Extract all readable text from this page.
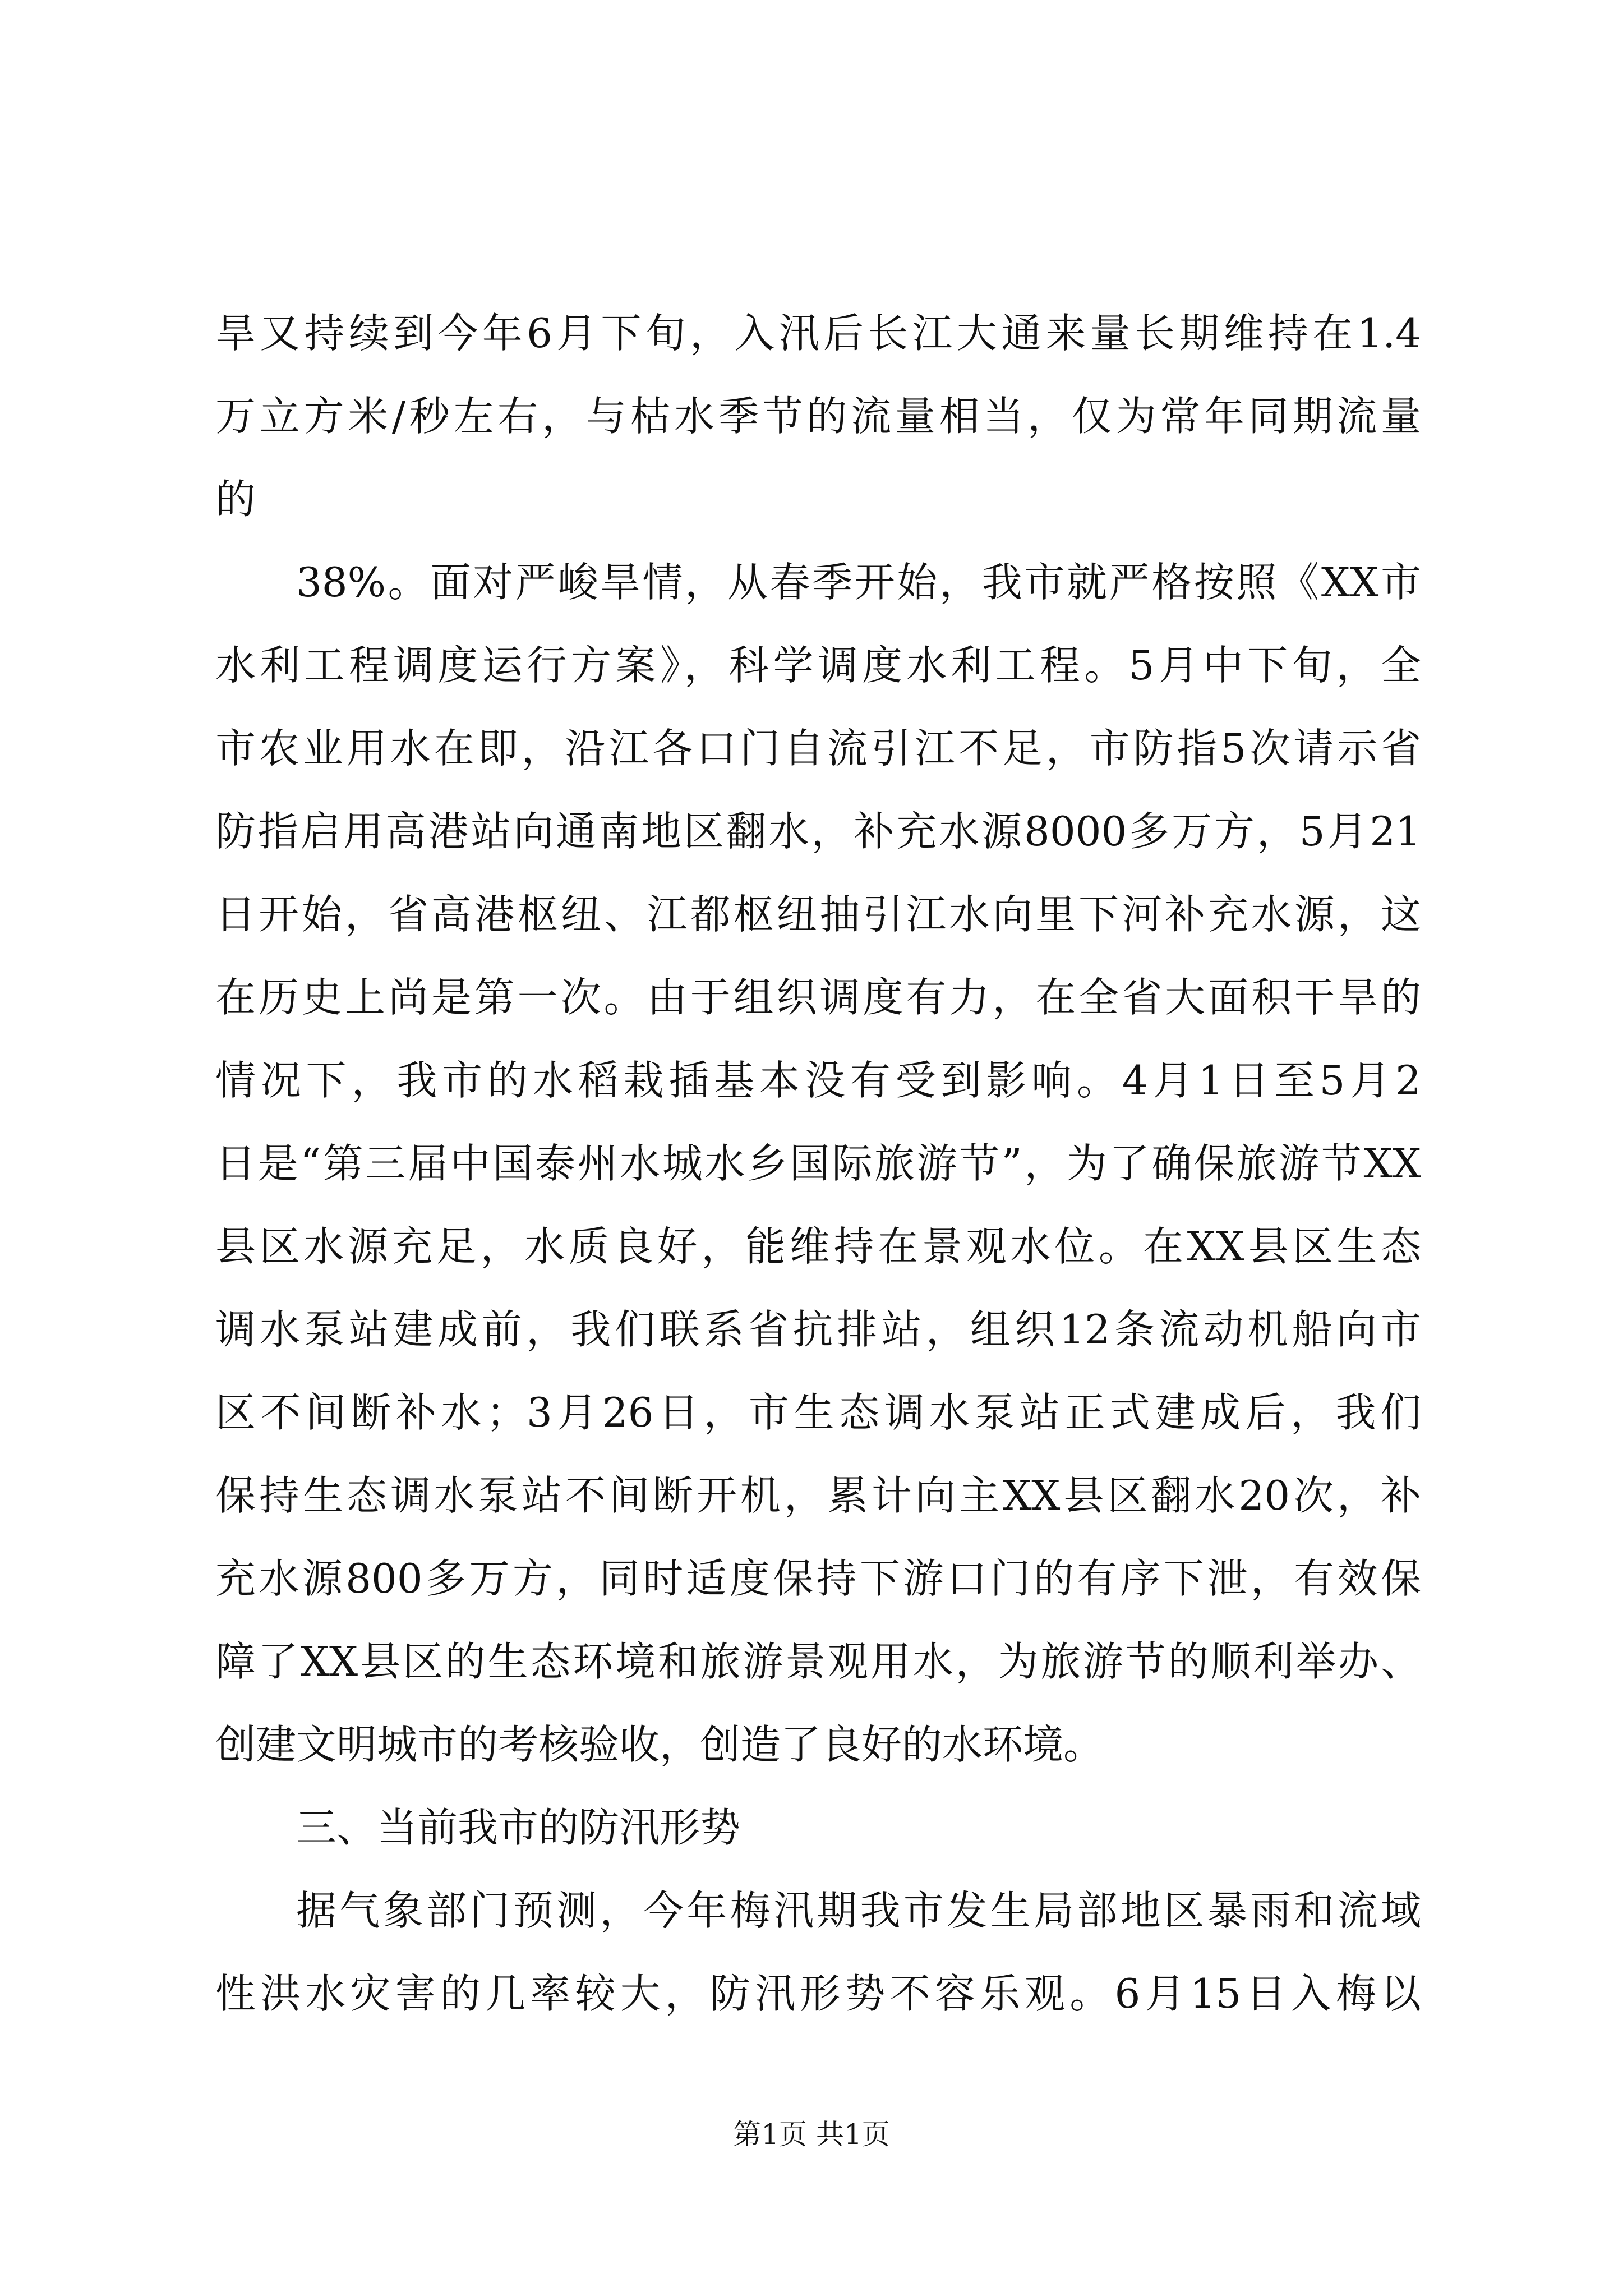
旱又持续到今年6月下旬，入汛后长江大通来量长期维持在1.4
万立方米/秒左右，与枯水季节的流量相当，仅为常年同期流量
的
38%。面对严峻旱情，从春季开始，我市就严格按照《XX市
水利工程调度运行方案》，科学调度水利工程。5月中下旬，全
市农业用水在即，沿江各口门自流引江不足，市防指5次请示省
防指启用高港站向通南地区翻水，补充水源8000多万方，5月21
日开始，省高港枢纽、江都枢纽抽引江水向里下河补充水源，这
在历史上尚是第一次。由于组织调度有力，在全省大面积干旱的
情况下，我市的水稻栽插基本没有受到影响。4月1日至5月2
日是“第三届中国泰州水城水乡国际旅游节”，为了确保旅游节XX
县区水源充足，水质良好，能维持在景观水位。在XX县区生态
调水泵站建成前，我们联系省抗排站，组织12条流动机船向市
区不间断补水；3月26日，市生态调水泵站正式建成后，我们
保持生态调水泵站不间断开机，累计向主XX县区翻水20次，补
充水源800多万方，同时适度保持下游口门的有序下泄，有效保
障了XX县区的生态环境和旅游景观用水，为旅游节的顺利举办、
创建文明城市的考核验收，创造了良好的水环境。
三、当前我市的防汛形势
据气象部门预测，今年梅汛期我市发生局部地区暴雨和流域
性洪水灾害的几率较大，防汛形势不容乐观。6月15日入梅以
第1页 共1页
